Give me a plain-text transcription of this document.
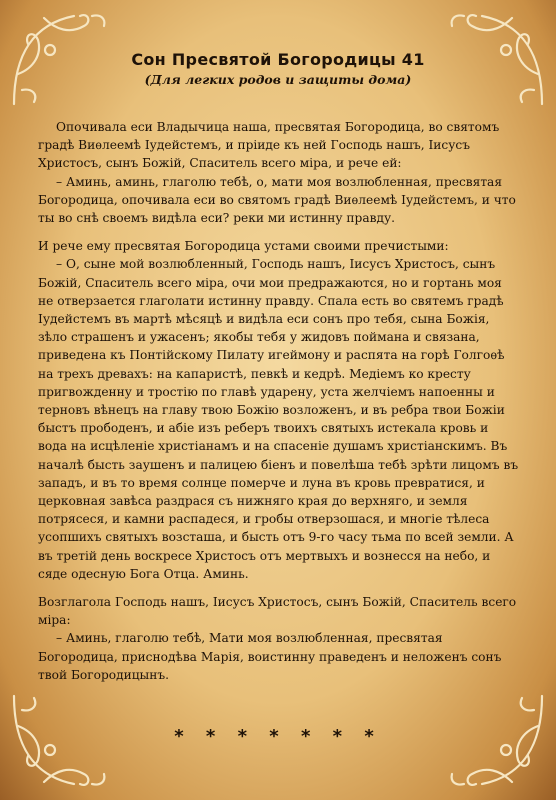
Сон Пресвятой Богородицы 41
(Для легких родов и защиты дома)

Опочивала еси Владычица наша, пресвятая Богородица, во святомъ градѣ Виѳлеемѣ Іудейстемъ, и пріиде къ ней Господь нашъ, Іисусъ Христосъ, сынъ Божій, Спаситель всего міра, и рече ей:

– Аминь, аминь, глаголю тебѣ, о, мати моя возлюбленная, пресвятая Богородица, опочивала еси во святомъ градѣ Виѳлеемѣ Іудейстемъ, и что ты во снѣ своемъ видѣла еси? реки ми истинну правду.

И рече ему пресвятая Богородица устами своими пречистыми:

– О, сыне мой возлюбленный, Господь нашъ, Іисусъ Христосъ, сынъ Божій, Спаситель всего міра, очи мои предражаются, но и гортань моя не отверзается глаголати истинну правду. Спала есть во святемъ градѣ Іудейстемъ въ мартѣ мѣсяцѣ и видѣла еси сонъ про тебя, сына Божія, зѣло страшенъ и ужасенъ; якобы тебя у жидовъ поймана и связана, приведена къ Понтійскому Пилату игеймону и распята на горѣ Голгоѳѣ на трехъ древахъ: на капаристѣ, певкѣ и кедрѣ. Медіемъ ко кресту пригвожденну и тростію по главѣ ударену, уста желчіемъ напоенны и терновъ вѣнецъ на главу твою Божію возложенъ, и въ ребра твои Божіи быстъ прободенъ, и абіе изъ реберъ твоихъ святыхъ истекала кровь и вода на исцѣленіе христіанамъ и на спасеніе душамъ христіанскимъ. Въ началѣ бысть заушенъ и палицею біенъ и повелѣша тебѣ зрѣти лицомъ въ западъ, и въ то время солнце померче и луна въ кровь превратися, и церковная завѣса раздрася съ нижняго края до верхняго, и земля потрясеся, и камни распадеся, и гробы отверзошася, и многіе тѣлеса усопшихъ святыхъ возсташа, и бысть отъ 9-го часу тьма по всей земли. А въ третій день воскресе Христосъ отъ мертвыхъ и вознесся на небо, и сяде одесную Бога Отца. Аминь.

Возглагола Господь нашъ, Іисусъ Христосъ, сынъ Божій, Спаситель всего міра:

– Аминь, глаголю тебѣ, Мати моя возлюбленная, пресвятая Богородица, приснодѣва Марія, воистинну праведенъ и неложенъ сонъ твой Богородицынъ.

* * * * * * *
